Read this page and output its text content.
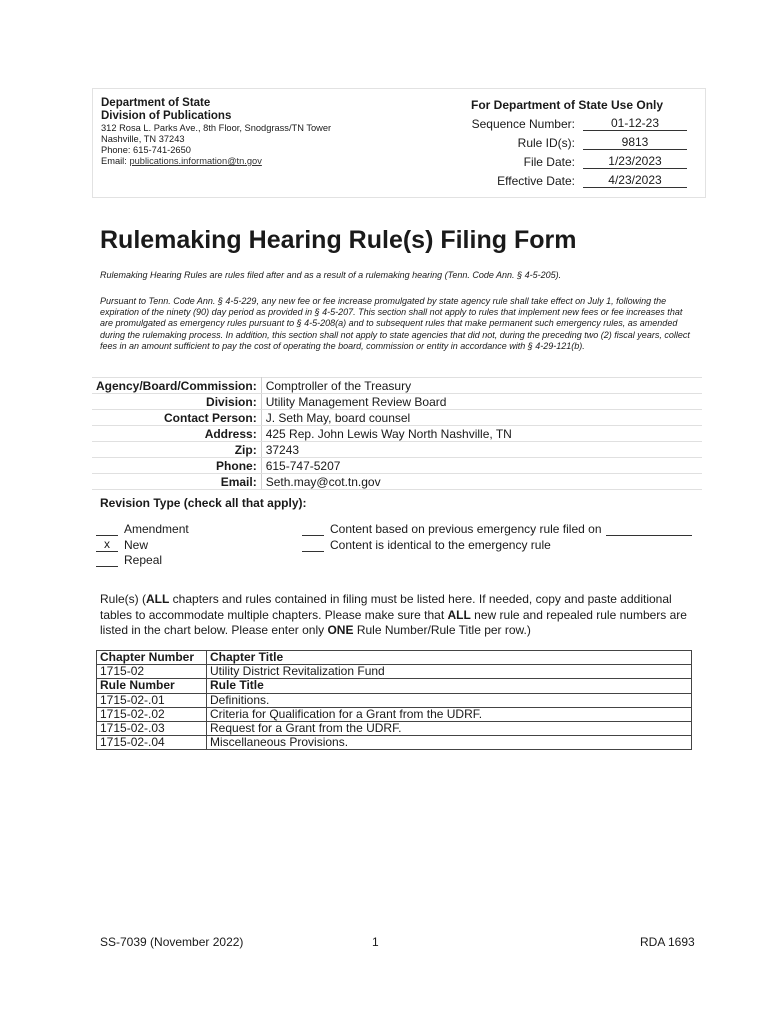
Department of State
Division of Publications
312 Rosa L. Parks Ave., 8th Floor, Snodgrass/TN Tower
Nashville, TN 37243
Phone: 615-741-2650
Email: publications.information@tn.gov
For Department of State Use Only
Sequence Number:	01-12-23
Rule ID(s):	9813
File Date:	1/23/2023
Effective Date:	4/23/2023
Rulemaking Hearing Rule(s) Filing Form
Rulemaking Hearing Rules are rules filed after and as a result of a rulemaking hearing (Tenn. Code Ann. § 4-5-205).
Pursuant to Tenn. Code Ann. § 4-5-229, any new fee or fee increase promulgated by state agency rule shall take effect on July 1, following the expiration of the ninety (90) day period as provided in § 4-5-207. This section shall not apply to rules that implement new fees or fee increases that are promulgated as emergency rules pursuant to § 4-5-208(a) and to subsequent rules that make permanent such emergency rules, as amended during the rulemaking process. In addition, this section shall not apply to state agencies that did not, during the preceding two (2) fiscal years, collect fees in an amount sufficient to pay the cost of operating the board, commission or entity in accordance with § 4-29-121(b).
Agency/Board/Commission:	Comptroller of the Treasury
Division:	Utility Management Review Board
Contact Person:	J. Seth May, board counsel
Address:	425 Rep. John Lewis Way North Nashville, TN
Zip:	37243
Phone:	615-747-5207
Email:	Seth.may@cot.tn.gov
Revision Type (check all that apply):
Amendment
x New
Repeal
Content based on previous emergency rule filed on
Content is identical to the emergency rule
Rule(s) (ALL chapters and rules contained in filing must be listed here. If needed, copy and paste additional tables to accommodate multiple chapters. Please make sure that ALL new rule and repealed rule numbers are listed in the chart below. Please enter only ONE Rule Number/Rule Title per row.)
Chapter Number	Chapter Title
1715-02	Utility District Revitalization Fund
Rule Number	Rule Title
1715-02-.01	Definitions.
1715-02-.02	Criteria for Qualification for a Grant from the UDRF.
1715-02-.03	Request for a Grant from the UDRF.
1715-02-.04	Miscellaneous Provisions.
SS-7039 (November 2022)	1	RDA 1693
